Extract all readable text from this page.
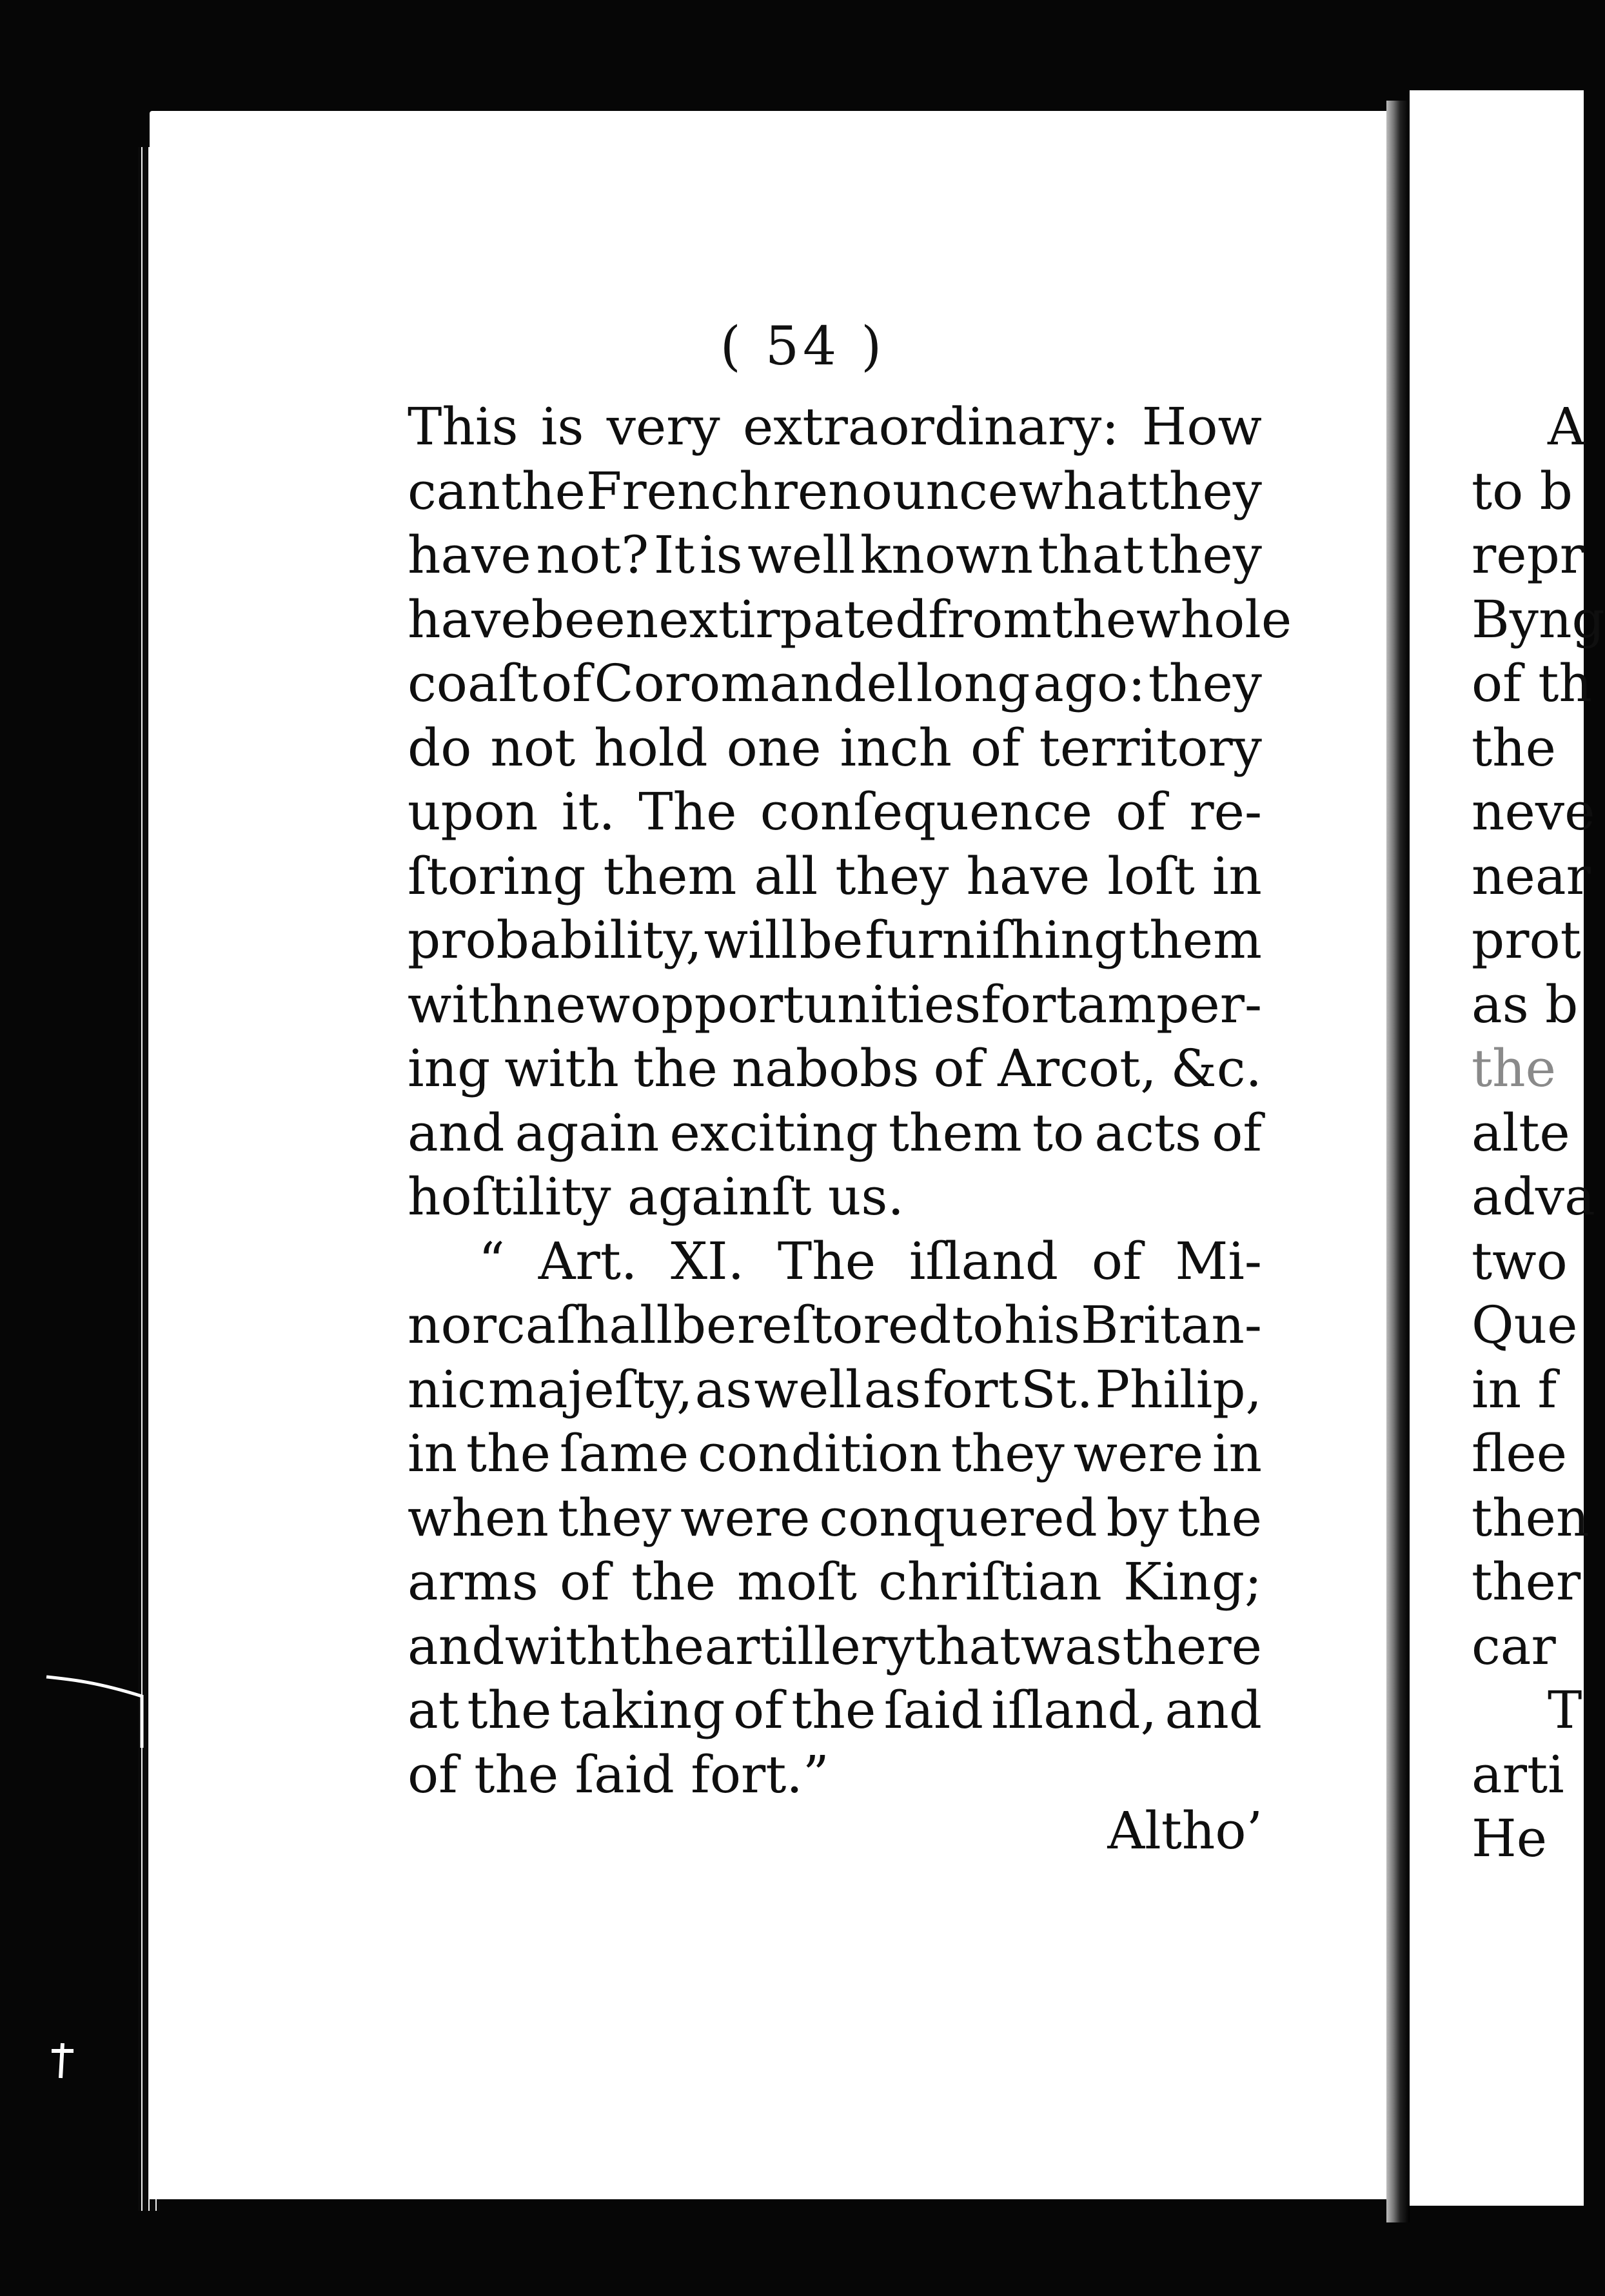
( 54 )
This is very extraordinary: How
can the French renounce what they
have not? It is well known that they
have been extirpated from the whole
coaſt of Coromandel long ago: they
do not hold one inch of territory
upon it. The conſequence of re-
ſtoring them all they have loſt in
probability, will be furniſhing them
with new opportunities for tamper-
ing with the nabobs of Arcot, &c.
and again exciting them to acts of
hoſtility
againſt
us.
“ Art. XI. The iſland of Mi-
norca ſhall be reſtored to his Britan-
nic majeſty, as well as fort St. Philip,
in the ſame condition they were in
when they were conquered by the
arms of the moſt chriſtian King;
and with the artillery that was there
at the taking of the ſaid iſland, and
of
the
ſaid
fort.”
Altho’
A
to b
repr
Byng
of th
the
neve
near
prot
as b
the
alte
adva
two
Que
in f
flee
then
ther
car
T
arti
He
